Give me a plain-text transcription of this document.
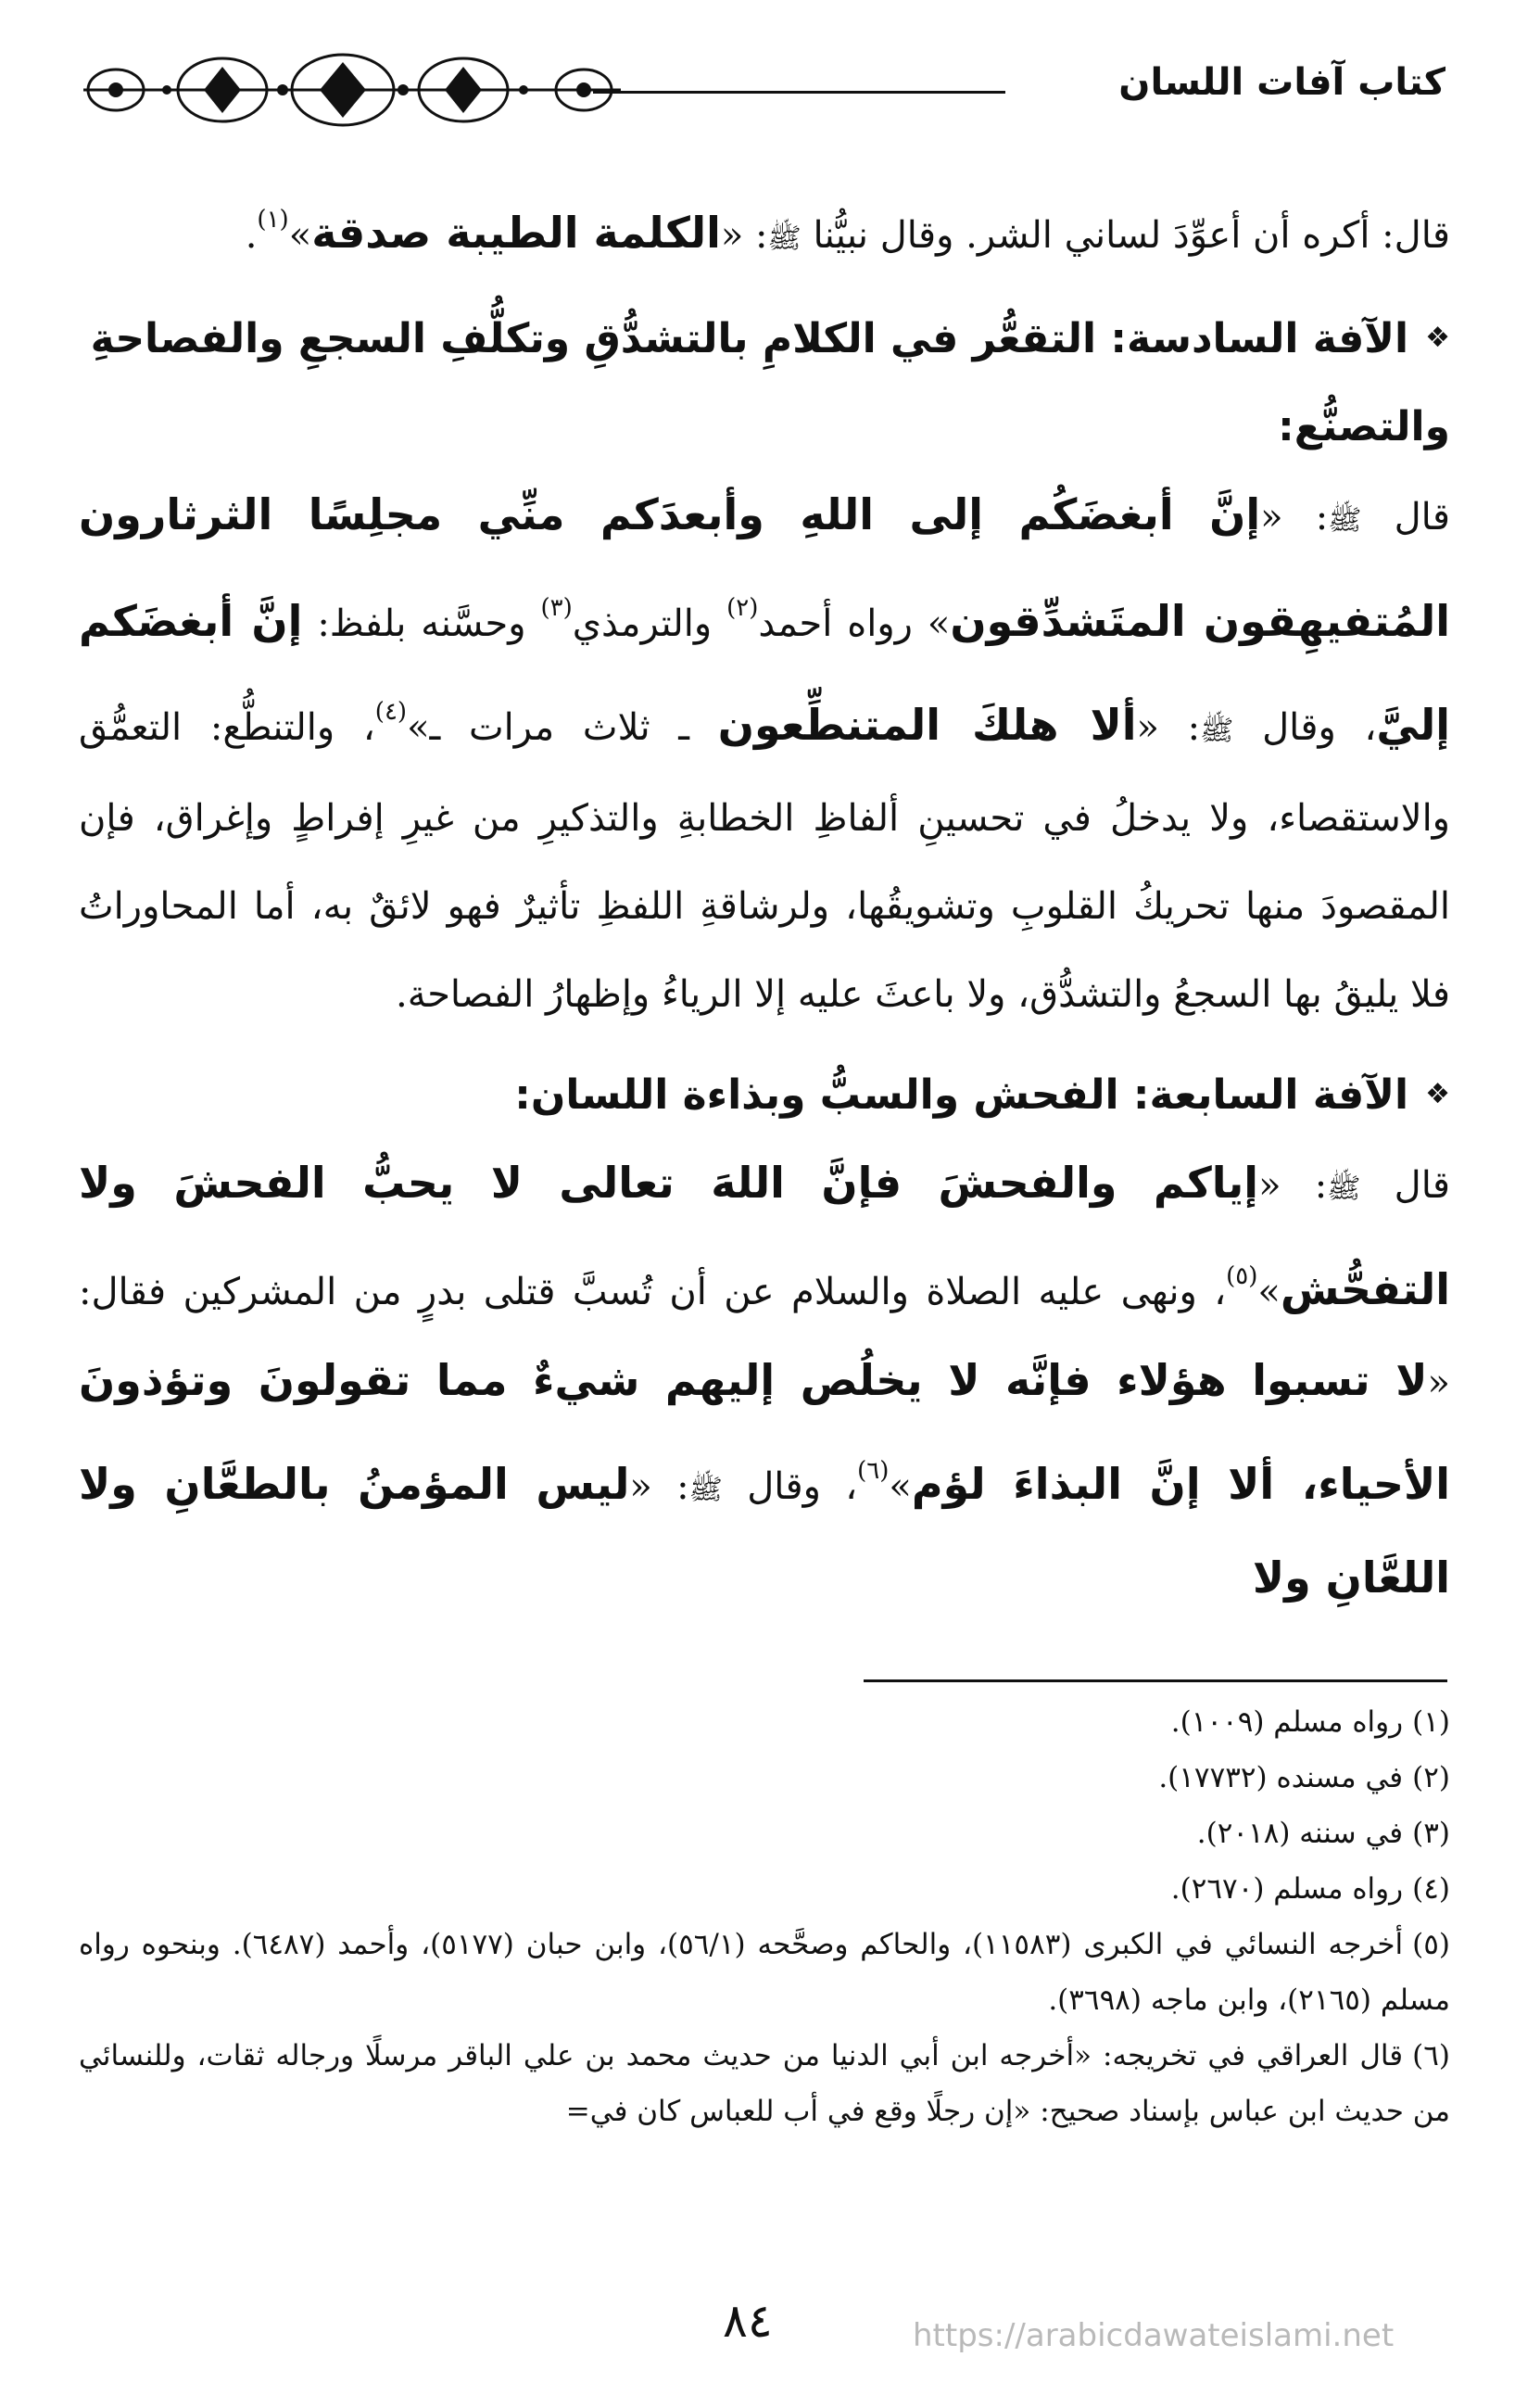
كتاب آفات اللسان

قال: أكره أن أعوِّدَ لساني الشر. وقال نبيُّنا ﷺ: «الكلمة الطيبة صدقة»$^{(١)}$.

❖الآفة السادسة: التقعُّر في الكلامِ بالتشدُّقِ وتكلُّفِ السجعِ والفصاحةِ والتصنُّع:

قال ﷺ: «إنَّ أبغضَكُم إلى اللهِ وأبعدَكم منِّي مجلِسًا الثرثارون المُتفيهِقون المتَشدِّقون» رواه أحمد$^{(٢)}$ والترمذي$^{(٣)}$ وحسَّنه بلفظ: إنَّ أبغضَكم إليَّ، وقال ﷺ: «ألا هلكَ المتنطِّعون ـ ثلاث مرات ـ»$^{(٤)}$، والتنطُّع: التعمُّق والاستقصاء، ولا يدخلُ في تحسينِ ألفاظِ الخطابةِ والتذكيرِ من غيرِ إفراطٍ وإغراق، فإن المقصودَ منها تحريكُ القلوبِ وتشويقُها، ولرشاقةِ اللفظِ تأثيرٌ فهو لائقٌ به، أما المحاوراتُ فلا يليقُ بها السجعُ والتشدُّق، ولا باعثَ عليه إلا الرياءُ وإظهارُ الفصاحة.

❖الآفة السابعة: الفحش والسبُّ وبذاءة اللسان:

قال ﷺ: «إياكم والفحشَ فإنَّ اللهَ تعالى لا يحبُّ الفحشَ ولا التفحُّش»$^{(٥)}$، ونهى عليه الصلاة والسلام عن أن تُسبَّ قتلى بدرٍ من المشركين فقال: «لا تسبوا هؤلاء فإنَّه لا يخلُص إليهم شيءٌ مما تقولونَ وتؤذونَ الأحياء، ألا إنَّ البذاءَ لؤم»$^{(٦)}$، وقال ﷺ: «ليس المؤمنُ بالطعَّانِ ولا اللعَّانِ ولا

(١)رواه مسلم (١٠٠٩).

(٢)في مسنده (١٧٧٣٢).

(٣)في سننه (٢٠١٨).

(٤)رواه مسلم (٢٦٧٠).

(٥)أخرجه النسائي في الكبرى (١١٥٨٣)، والحاكم وصحَّحه (٥٦/١)، وابن حبان (٥١٧٧)، وأحمد (٦٤٨٧). وبنحوه رواه مسلم (٢١٦٥)، وابن ماجه (٣٦٩٨).

(٦)قال العراقي في تخريجه: «أخرجه ابن أبي الدنيا من حديث محمد بن علي الباقر مرسلًا ورجاله ثقات، وللنسائي من حديث ابن عباس بإسناد صحيح: «إن رجلًا وقع في أب للعباس كان في=

٨٤	https://arabicdawateislami.net
